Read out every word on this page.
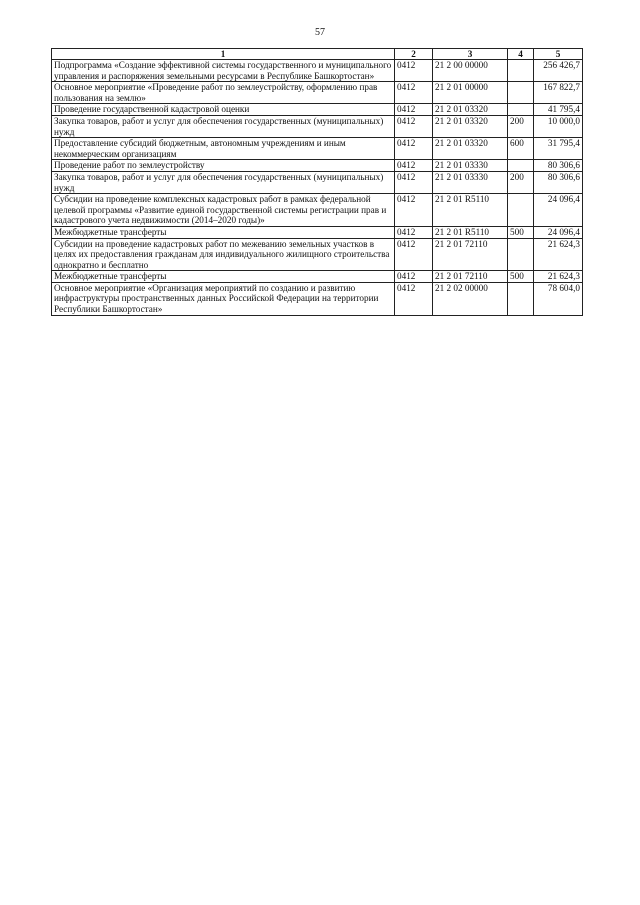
57
1	2	3	4	5
Подпрограмма «Создание эффективной системы государственного и муниципального управления и распоряжения земельными ресурсами в Республике Башкортостан»	0412	21 2 00 00000		256 426,7
Основное мероприятие «Проведение работ по землеустройству, оформлению прав пользования на землю»	0412	21 2 01 00000		167 822,7
Проведение государственной кадастровой оценки	0412	21 2 01 03320		41 795,4
Закупка товаров, работ и услуг для обеспечения государственных (муниципальных) нужд	0412	21 2 01 03320	200	10 000,0
Предоставление субсидий бюджетным, автономным учреждениям и иным некоммерческим организациям	0412	21 2 01 03320	600	31 795,4
Проведение работ по землеустройству	0412	21 2 01 03330		80 306,6
Закупка товаров, работ и услуг для обеспечения государственных (муниципальных) нужд	0412	21 2 01 03330	200	80 306,6
Субсидии на проведение комплексных кадастровых работ в рамках федеральной целевой программы «Развитие единой государственной системы регистрации прав и кадастрового учета недвижимости (2014–2020 годы)»	0412	21 2 01 R5110		24 096,4
Межбюджетные трансферты	0412	21 2 01 R5110	500	24 096,4
Субсидии на проведение кадастровых работ по межеванию земельных участков в целях их предоставления гражданам для индивидуального жилищного строительства однократно и бесплатно	0412	21 2 01 72110		21 624,3
Межбюджетные трансферты	0412	21 2 01 72110	500	21 624,3
Основное мероприятие «Организация мероприятий по созданию и развитию инфраструктуры пространственных данных Российской Федерации на территории Республики Башкортостан»	0412	21 2 02 00000		78 604,0
